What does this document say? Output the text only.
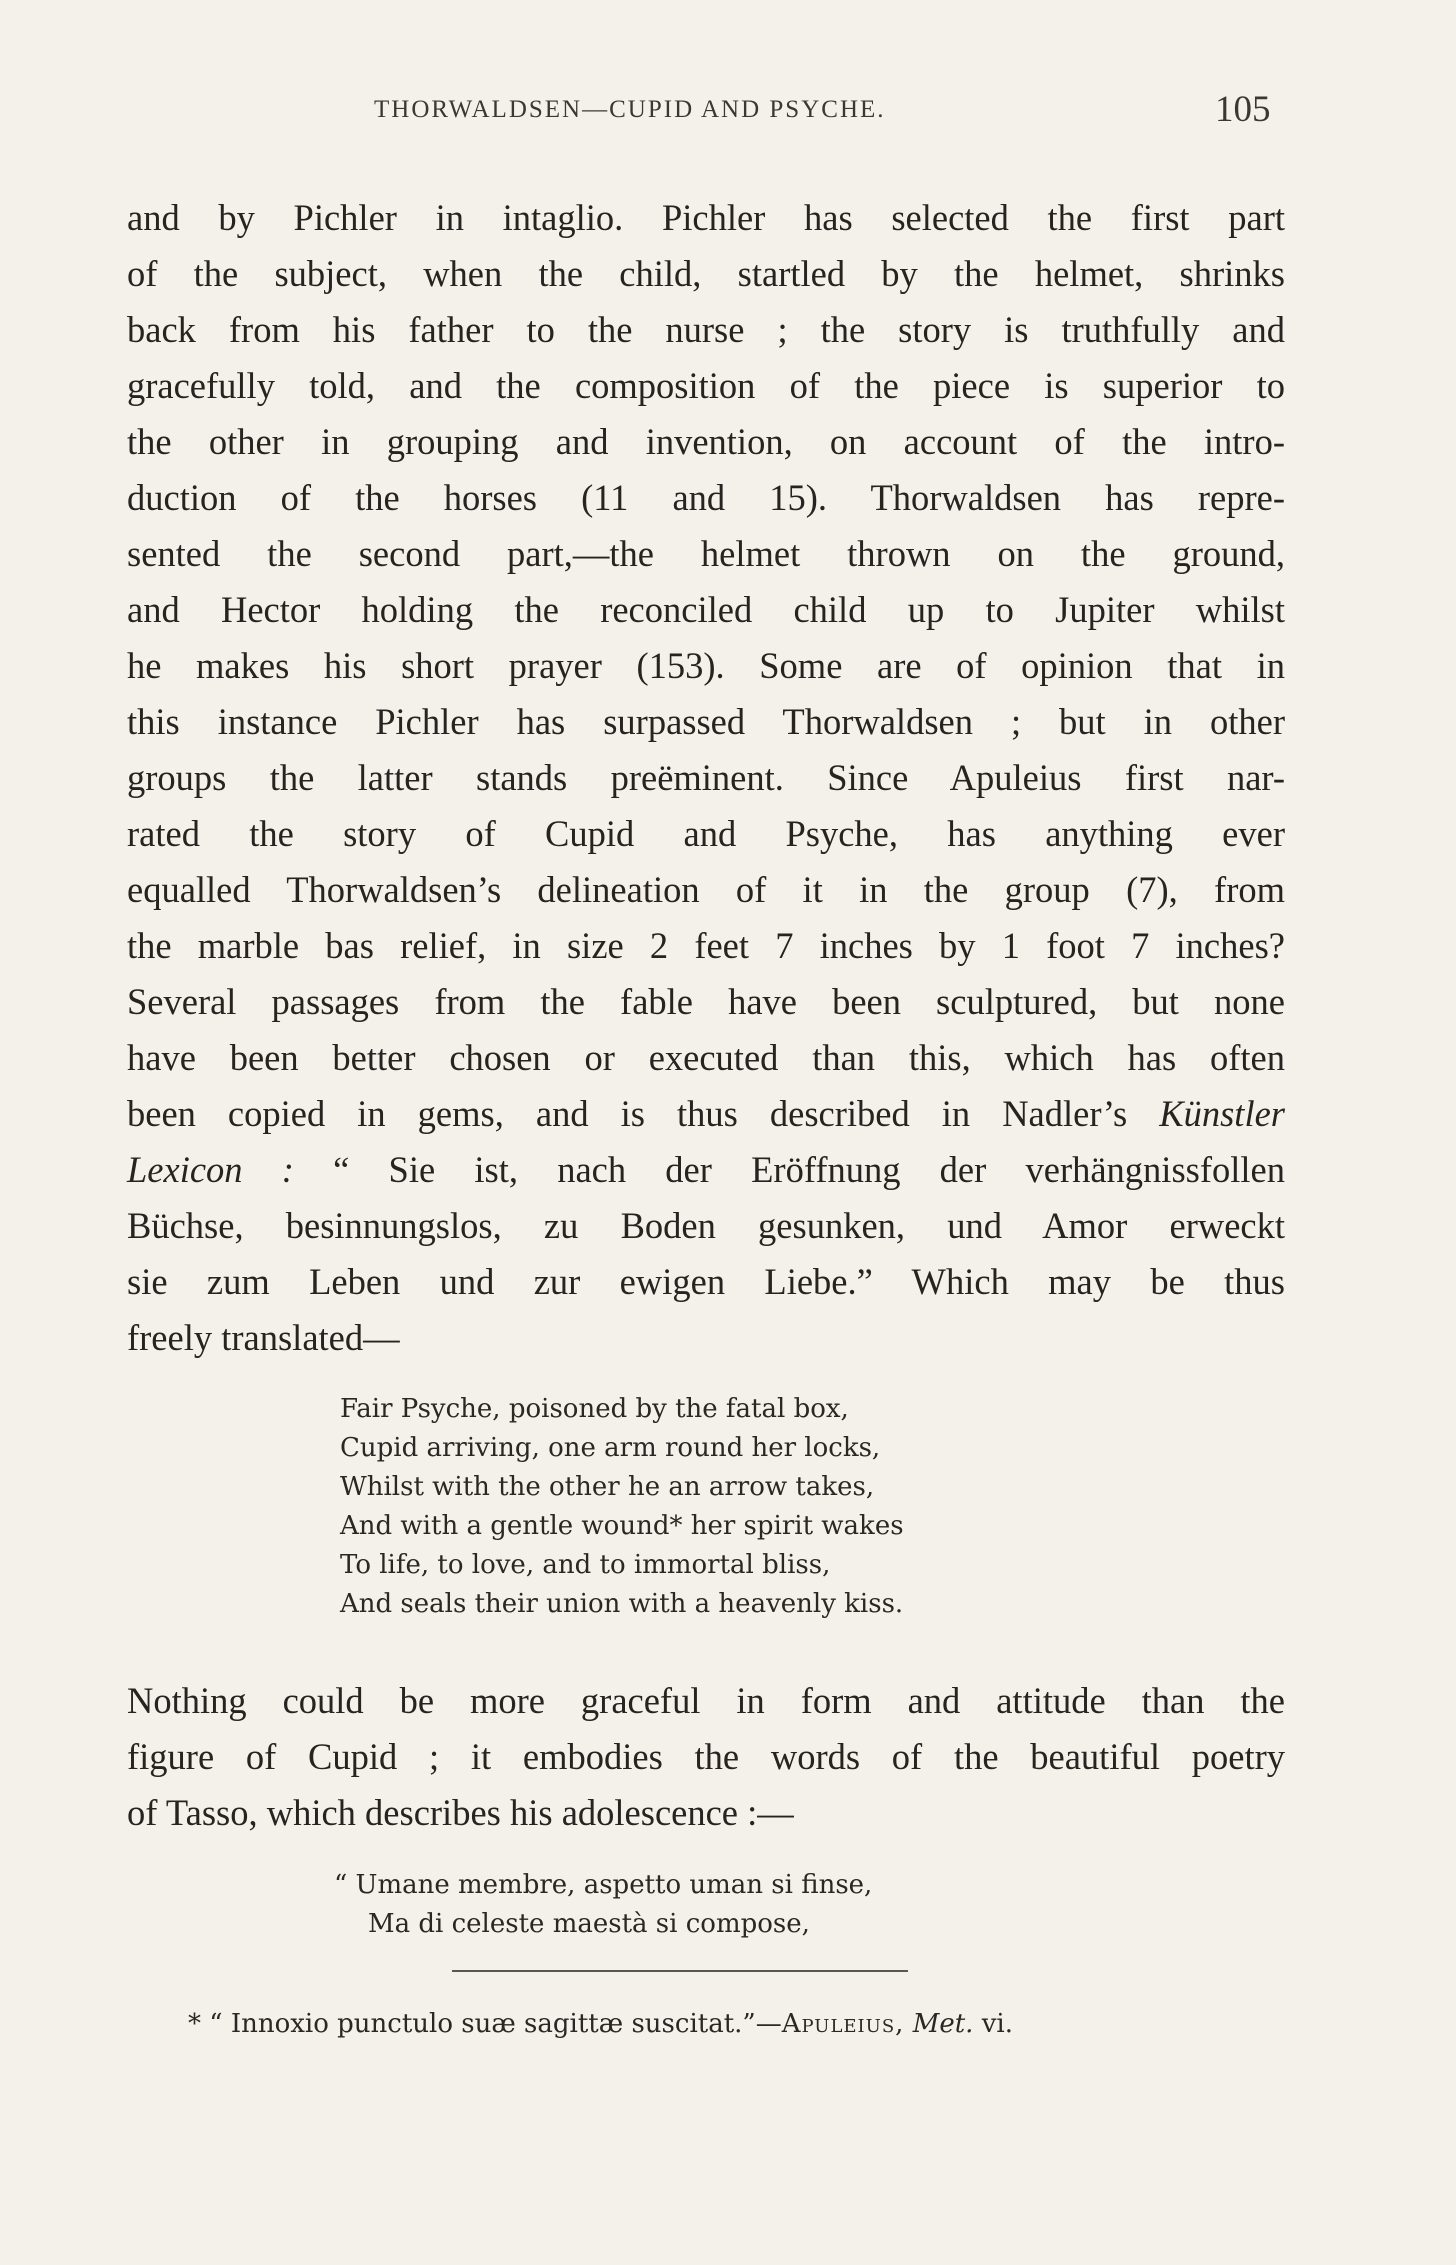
THORWALDSEN—CUPID AND PSYCHE.	105
and by Pichler in intaglio. Pichler has selected the first part
of the subject, when the child, startled by the helmet, shrinks
back from his father to the nurse ; the story is truthfully and
gracefully told, and the composition of the piece is superior to
the other in grouping and invention, on account of the intro-
duction of the horses (11 and 15). Thorwaldsen has repre-
sented the second part,—the helmet thrown on the ground,
and Hector holding the reconciled child up to Jupiter whilst
he makes his short prayer (153). Some are of opinion that in
this instance Pichler has surpassed Thorwaldsen ; but in other
groups the latter stands preëminent. Since Apuleius first nar-
rated the story of Cupid and Psyche, has anything ever
equalled Thorwaldsen’s delineation of it in the group (7), from
the marble bas relief, in size 2 feet 7 inches by 1 foot 7 inches?
Several passages from the fable have been sculptured, but none
have been better chosen or executed than this, which has often
been copied in gems, and is thus described in Nadler’s Künstler
Lexicon : “ Sie ist, nach der Eröffnung der verhängnissfollen
Büchse, besinnungslos, zu Boden gesunken, und Amor erweckt
sie zum Leben und zur ewigen Liebe.” Which may be thus
freely translated—
Fair Psyche, poisoned by the fatal box,
Cupid arriving, one arm round her locks,
Whilst with the other he an arrow takes,
And with a gentle wound* her spirit wakes
To life, to love, and to immortal bliss,
And seals their union with a heavenly kiss.
Nothing could be more graceful in form and attitude than the
figure of Cupid ; it embodies the words of the beautiful poetry
of Tasso, which describes his adolescence :—
“ Umane membre, aspetto uman si finse,
Ma di celeste maestà si compose,
* “ Innoxio punctulo suæ sagittæ suscitat.”—Apuleius, Met. vi.
